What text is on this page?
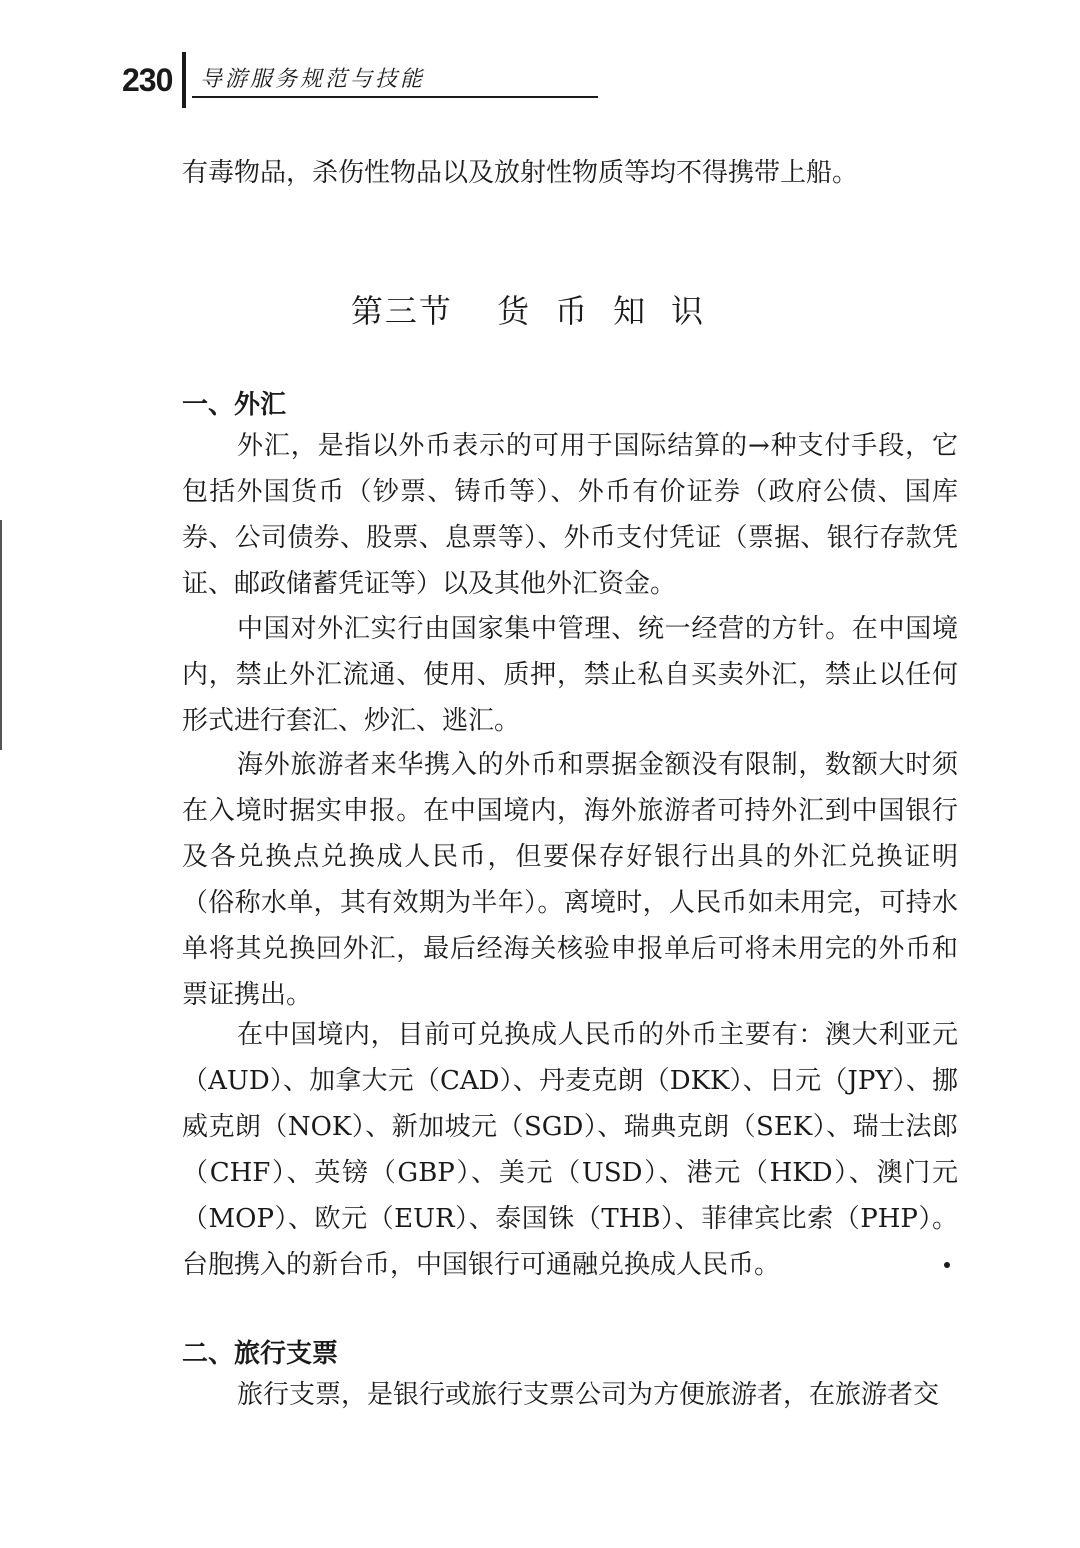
230 导游服务规范与技能

有毒物品，杀伤性物品以及放射性物质等均不得携带上船。

第三节 货币知识
一、外汇

外汇，是指以外币表示的可用于国际结算的→种支付手段，它包括外国货币（钞票、铸币等）、外币有价证券（政府公债、国库券、公司债券、股票、息票等）、外币支付凭证（票据、银行存款凭证、邮政储蓄凭证等）以及其他外汇资金。

中国对外汇实行由国家集中管理、统一经营的方针。在中国境内，禁止外汇流通、使用、质押，禁止私自买卖外汇，禁止以任何形式进行套汇、炒汇、逃汇。

海外旅游者来华携入的外币和票据金额没有限制，数额大时须在入境时据实申报。在中国境内，海外旅游者可持外汇到中国银行及各兑换点兑换成人民币，但要保存好银行出具的外汇兑换证明（俗称水单，其有效期为半年）。离境时，人民币如未用完，可持水单将其兑换回外汇，最后经海关核验申报单后可将未用完的外币和票证携出。

在中国境内，目前可兑换成人民币的外币主要有：澳大利亚元（AUD）、加拿大元（CAD）、丹麦克朗（DKK）、日元（JPY）、挪威克朗（NOK）、新加坡元（SGD）、瑞典克朗（SEK）、瑞士法郎（CHF）、英镑（GBP）、美元（USD）、港元（HKD）、澳门元（MOP）、欧元（EUR）、泰国铢（THB）、菲律宾比索（PHP）。台胞携入的新台币，中国银行可通融兑换成人民币。

二、旅行支票

旅行支票，是银行或旅行支票公司为方便旅游者，在旅游者交
